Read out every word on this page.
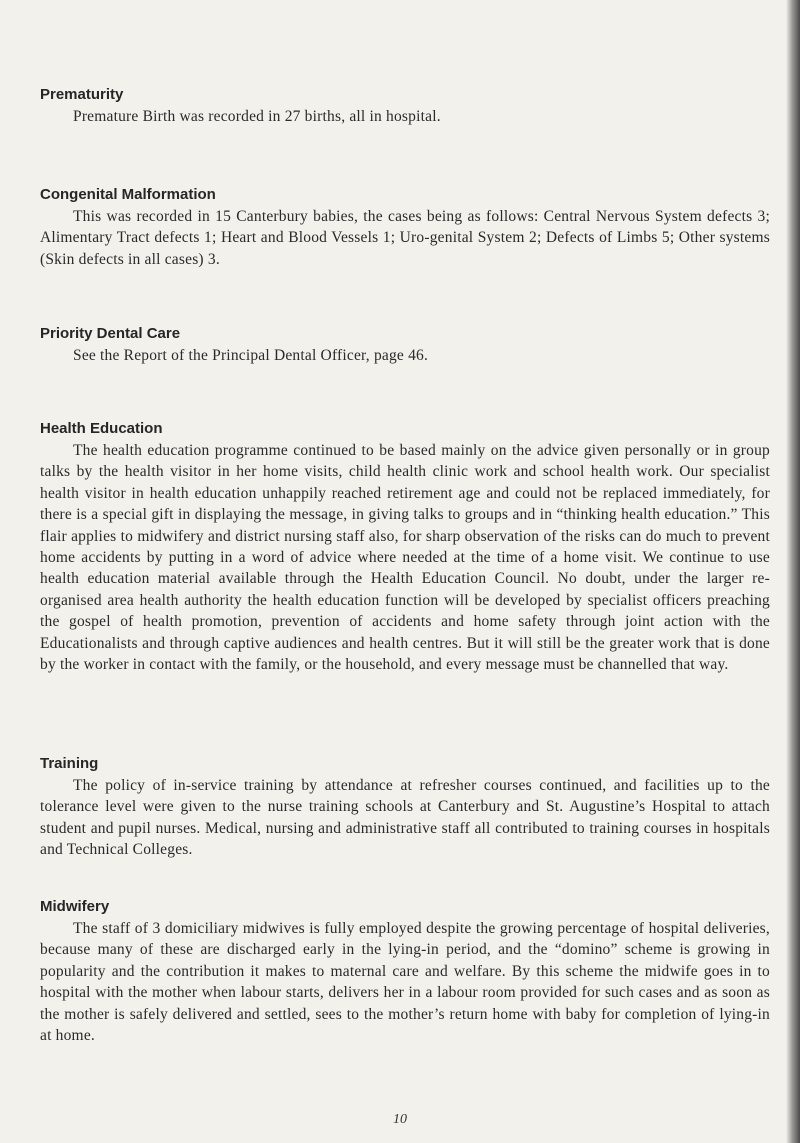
Prematurity

Premature Birth was recorded in 27 births, all in hospital.

Congenital Malformation

This was recorded in 15 Canterbury babies, the cases being as follows: Central Nervous System defects 3; Alimentary Tract defects 1; Heart and Blood Vessels 1; Uro-genital System 2; Defects of Limbs 5; Other systems (Skin defects in all cases) 3.

Priority Dental Care

See the Report of the Principal Dental Officer, page 46.

Health Education

The health education programme continued to be based mainly on the advice given personally or in group talks by the health visitor in her home visits, child health clinic work and school health work. Our specialist health visitor in health education unhappily reached retirement age and could not be replaced immediately, for there is a special gift in displaying the message, in giving talks to groups and in “thinking health education.” This flair applies to midwifery and district nursing staff also, for sharp observation of the risks can do much to prevent home accidents by putting in a word of advice where needed at the time of a home visit. We continue to use health education material available through the Health Education Council. No doubt, under the larger re-organised area health authority the health education function will be developed by specialist officers preaching the gospel of health promotion, prevention of accidents and home safety through joint action with the Educationalists and through captive audiences and health centres. But it will still be the greater work that is done by the worker in contact with the family, or the household, and every message must be channelled that way.

Training

The policy of in-service training by attendance at refresher courses continued, and facilities up to the tolerance level were given to the nurse training schools at Canterbury and St. Augustine’s Hospital to attach student and pupil nurses. Medical, nursing and administrative staff all contributed to training courses in hospitals and Technical Colleges.

Midwifery

The staff of 3 domiciliary midwives is fully employed despite the growing percentage of hospital deliveries, because many of these are discharged early in the lying-in period, and the “domino” scheme is growing in popularity and the contribution it makes to maternal care and welfare. By this scheme the midwife goes in to hospital with the mother when labour starts, delivers her in a labour room provided for such cases and as soon as the mother is safely delivered and settled, sees to the mother’s return home with baby for completion of lying-in at home.

10
